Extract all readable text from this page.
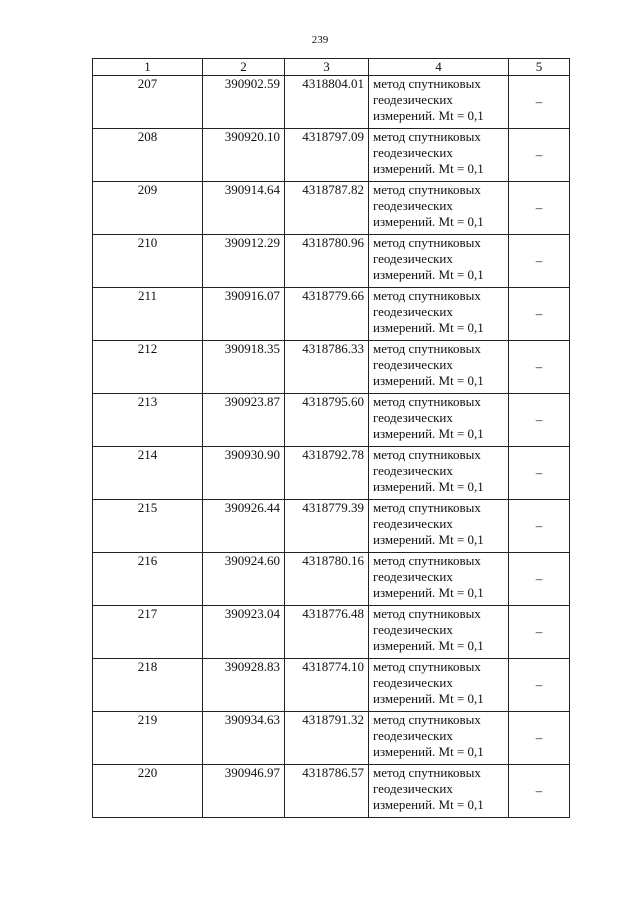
239
1	2	3	4	5
207	390902.59	4318804.01	метод спутниковых
геодезических
измерений. Mt = 0,1	–
208	390920.10	4318797.09	метод спутниковых
геодезических
измерений. Mt = 0,1	–
209	390914.64	4318787.82	метод спутниковых
геодезических
измерений. Mt = 0,1	–
210	390912.29	4318780.96	метод спутниковых
геодезических
измерений. Mt = 0,1	–
211	390916.07	4318779.66	метод спутниковых
геодезических
измерений. Mt = 0,1	–
212	390918.35	4318786.33	метод спутниковых
геодезических
измерений. Mt = 0,1	–
213	390923.87	4318795.60	метод спутниковых
геодезических
измерений. Mt = 0,1	–
214	390930.90	4318792.78	метод спутниковых
геодезических
измерений. Mt = 0,1	–
215	390926.44	4318779.39	метод спутниковых
геодезических
измерений. Mt = 0,1	–
216	390924.60	4318780.16	метод спутниковых
геодезических
измерений. Mt = 0,1	–
217	390923.04	4318776.48	метод спутниковых
геодезических
измерений. Mt = 0,1	–
218	390928.83	4318774.10	метод спутниковых
геодезических
измерений. Mt = 0,1	–
219	390934.63	4318791.32	метод спутниковых
геодезических
измерений. Mt = 0,1	–
220	390946.97	4318786.57	метод спутниковых
геодезических
измерений. Mt = 0,1	–
